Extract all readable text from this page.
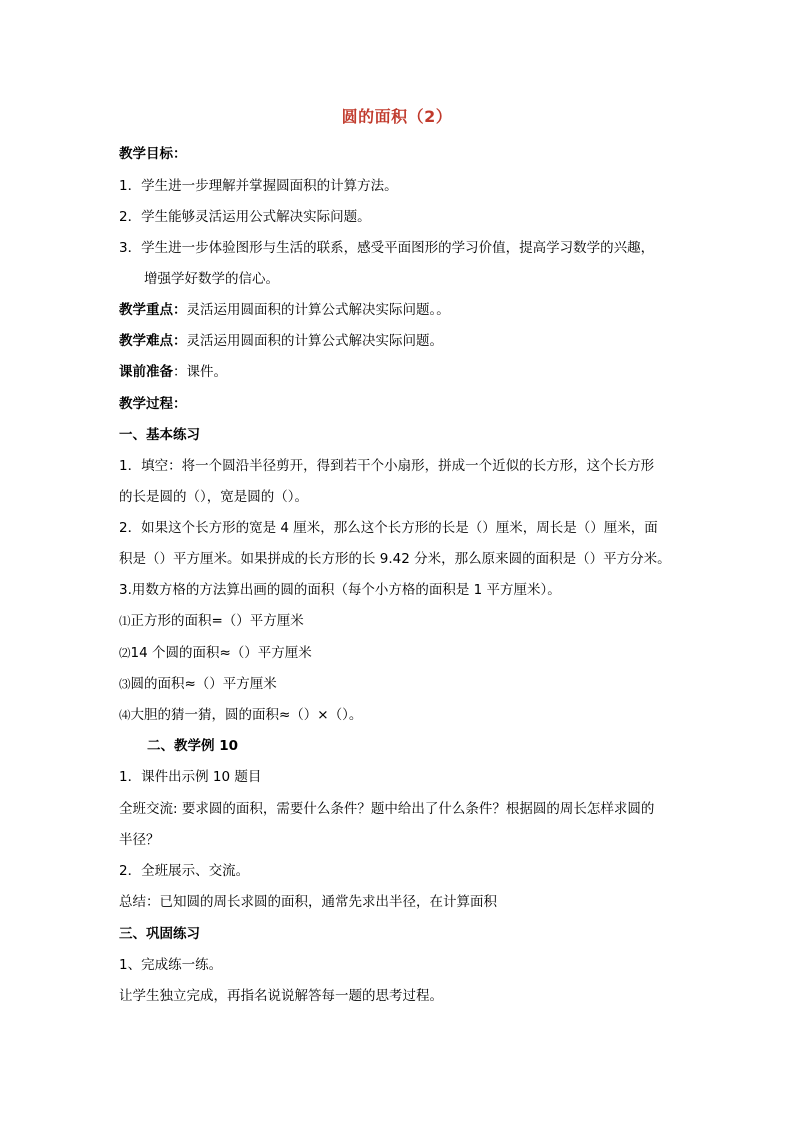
圆的面积（2）
教学目标：
1．学生进一步理解并掌握圆面积的计算方法。
2．学生能够灵活运用公式解决实际问题。
3．学生进一步体验图形与生活的联系，感受平面图形的学习价值，提高学习数学的兴趣，
增强学好数学的信心。
教学重点：灵活运用圆面积的计算公式解决实际问题。。
教学难点：灵活运用圆面积的计算公式解决实际问题。
课前准备：课件。
教学过程：
一、基本练习
1．填空：将一个圆沿半径剪开，得到若干个小扇形，拼成一个近似的长方形，这个长方形
的长是圆的（），宽是圆的（）。
2．如果这个长方形的宽是 4 厘米，那么这个长方形的长是（）厘米，周长是（）厘米，面
积是（）平方厘米。如果拼成的长方形的长 9.42 分米，那么原来圆的面积是（）平方分米。
3.用数方格的方法算出画的圆的面积（每个小方格的面积是 1 平方厘米）。
⑴正方形的面积=（）平方厘米
⑵14 个圆的面积≈（）平方厘米
⑶圆的面积≈（）平方厘米
⑷大胆的猜一猜，圆的面积≈（）×（）。
二、教学例 10
1．课件出示例 10 题目
全班交流: 要求圆的面积，需要什么条件？题中给出了什么条件？根据圆的周长怎样求圆的
半径？
2．全班展示、交流。
总结：已知圆的周长求圆的面积，通常先求出半径，在计算面积
三、巩固练习
1、完成练一练。
让学生独立完成，再指名说说解答每一题的思考过程。
